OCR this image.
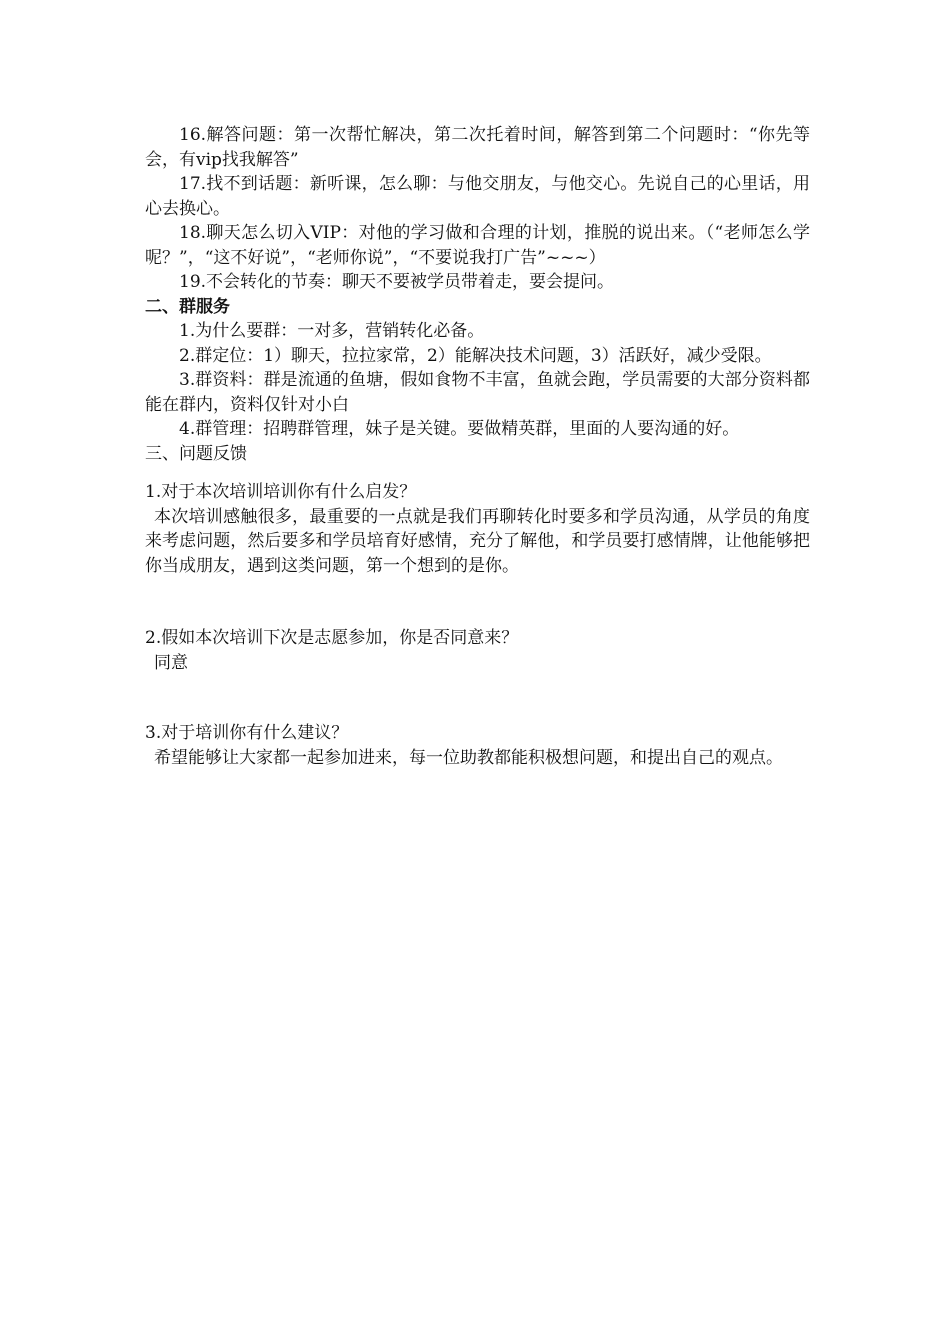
16.解答问题：第一次帮忙解决，第二次托着时间，解答到第二个问题时：“你先等会，有vip找我解答”

17.找不到话题：新听课，怎么聊：与他交朋友，与他交心。先说自己的心里话，用心去换心。

18.聊天怎么切入VIP：对他的学习做和合理的计划，推脱的说出来。（“老师怎么学呢？”，“这不好说”，“老师你说”，“不要说我打广告”~~~）

19.不会转化的节奏：聊天不要被学员带着走，要会提问。

二、群服务

1.为什么要群：一对多，营销转化必备。

2.群定位：1）聊天，拉拉家常，2）能解决技术问题，3）活跃好，减少受限。

3.群资料：群是流通的鱼塘，假如食物不丰富，鱼就会跑，学员需要的大部分资料都能在群内，资料仅针对小白

4.群管理：招聘群管理，妹子是关键。要做精英群，里面的人要沟通的好。

三、问题反馈

1.对于本次培训培训你有什么启发？

本次培训感触很多，最重要的一点就是我们再聊转化时要多和学员沟通，从学员的角度来考虑问题，然后要多和学员培育好感情，充分了解他，和学员要打感情牌，让他能够把你当成朋友，遇到这类问题，第一个想到的是你。

2.假如本次培训下次是志愿参加，你是否同意来？

同意

3.对于培训你有什么建议？

希望能够让大家都一起参加进来，每一位助教都能积极想问题，和提出自己的观点。
